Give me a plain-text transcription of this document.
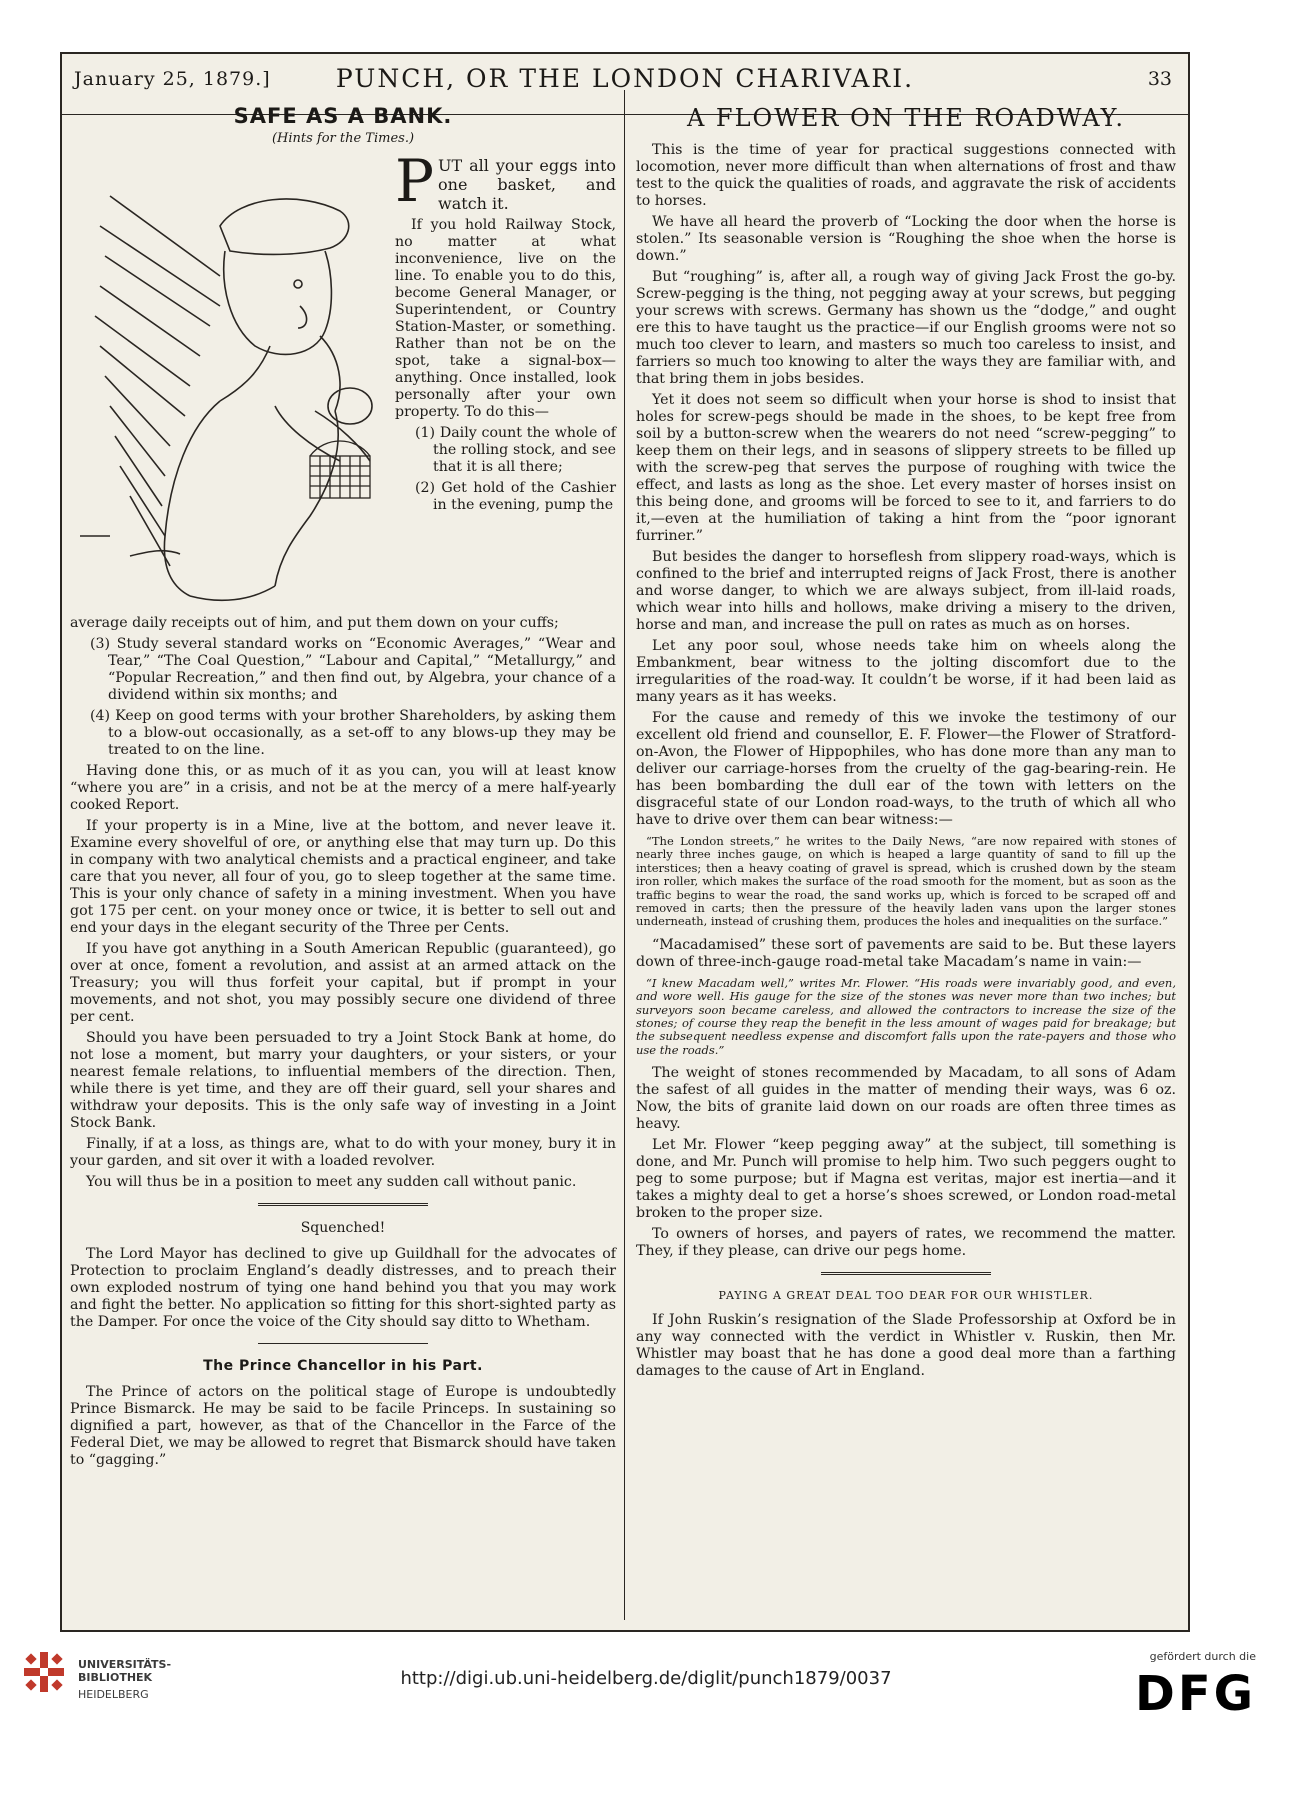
January 25, 1879.]	PUNCH, OR THE LONDON CHARIVARI.	33
SAFE AS A BANK.
(Hints for the Times.)

P UT all your eggs into one basket, and watch it.

If you hold Railway Stock, no matter at what inconvenience, live on the line. To enable you to do this, become General Manager, or Superintendent, or Country Station-Master, or something. Rather than not be on the spot, take a signal-box—anything. Once installed, look personally after your own property. To do this—

(1) Daily count the whole of the rolling stock, and see that it is all there;

(2) Get hold of the Cashier in the evening, pump the

average daily receipts out of him, and put them down on your cuffs;

(3) Study several standard works on “Economic Averages,” “Wear and Tear,” “The Coal Question,” “Labour and Capital,” “Metallurgy,” and “Popular Recreation,” and then find out, by Algebra, your chance of a dividend within six months; and

(4) Keep on good terms with your brother Shareholders, by asking them to a blow-out occasionally, as a set-off to any blows-up they may be treated to on the line.

Having done this, or as much of it as you can, you will at least know “where you are” in a crisis, and not be at the mercy of a mere half-yearly cooked Report.

If your property is in a Mine, live at the bottom, and never leave it. Examine every shovelful of ore, or anything else that may turn up. Do this in company with two analytical chemists and a practical engineer, and take care that you never, all four of you, go to sleep together at the same time. This is your only chance of safety in a mining investment. When you have got 175 per cent. on your money once or twice, it is better to sell out and end your days in the elegant security of the Three per Cents.

If you have got anything in a South American Republic (guaranteed), go over at once, foment a revolution, and assist at an armed attack on the Treasury; you will thus forfeit your capital, but if prompt in your movements, and not shot, you may possibly secure one dividend of three per cent.

Should you have been persuaded to try a Joint Stock Bank at home, do not lose a moment, but marry your daughters, or your sisters, or your nearest female relations, to influential members of the direction. Then, while there is yet time, and they are off their guard, sell your shares and withdraw your deposits. This is the only safe way of investing in a Joint Stock Bank.

Finally, if at a loss, as things are, what to do with your money, bury it in your garden, and sit over it with a loaded revolver.

You will thus be in a position to meet any sudden call without panic.

Squenched!

The Lord Mayor has declined to give up Guildhall for the advocates of Protection to proclaim England’s deadly distresses, and to preach their own exploded nostrum of tying one hand behind you that you may work and fight the better. No application so fitting for this short-sighted party as the Damper. For once the voice of the City should say ditto to Whetham.

The Prince Chancellor in his Part.

The Prince of actors on the political stage of Europe is undoubtedly Prince Bismarck. He may be said to be facile Princeps. In sustaining so dignified a part, however, as that of the Chancellor in the Farce of the Federal Diet, we may be allowed to regret that Bismarck should have taken to “gagging.”

A FLOWER ON THE ROADWAY.

This is the time of year for practical suggestions connected with locomotion, never more difficult than when alternations of frost and thaw test to the quick the qualities of roads, and aggravate the risk of accidents to horses.

We have all heard the proverb of “Locking the door when the horse is stolen.” Its seasonable version is “Roughing the shoe when the horse is down.”

But “roughing” is, after all, a rough way of giving Jack Frost the go-by. Screw-pegging is the thing, not pegging away at your screws, but pegging your screws with screws. Germany has shown us the “dodge,” and ought ere this to have taught us the practice—if our English grooms were not so much too clever to learn, and masters so much too careless to insist, and farriers so much too knowing to alter the ways they are familiar with, and that bring them in jobs besides.

Yet it does not seem so difficult when your horse is shod to insist that holes for screw-pegs should be made in the shoes, to be kept free from soil by a button-screw when the wearers do not need “screw-pegging” to keep them on their legs, and in seasons of slippery streets to be filled up with the screw-peg that serves the purpose of roughing with twice the effect, and lasts as long as the shoe. Let every master of horses insist on this being done, and grooms will be forced to see to it, and farriers to do it,—even at the humiliation of taking a hint from the “poor ignorant furriner.”

But besides the danger to horseflesh from slippery road-ways, which is confined to the brief and interrupted reigns of Jack Frost, there is another and worse danger, to which we are always subject, from ill-laid roads, which wear into hills and hollows, make driving a misery to the driven, horse and man, and increase the pull on rates as much as on horses.

Let any poor soul, whose needs take him on wheels along the Embankment, bear witness to the jolting discomfort due to the irregularities of the road-way. It couldn’t be worse, if it had been laid as many years as it has weeks.

For the cause and remedy of this we invoke the testimony of our excellent old friend and counsellor, E. F. Flower—the Flower of Stratford-on-Avon, the Flower of Hippophiles, who has done more than any man to deliver our carriage-horses from the cruelty of the gag-bearing-rein. He has been bombarding the dull ear of the town with letters on the disgraceful state of our London road-ways, to the truth of which all who have to drive over them can bear witness:—

“The London streets,” he writes to the Daily News, “are now repaired with stones of nearly three inches gauge, on which is heaped a large quantity of sand to fill up the interstices; then a heavy coating of gravel is spread, which is crushed down by the steam iron roller, which makes the surface of the road smooth for the moment, but as soon as the traffic begins to wear the road, the sand works up, which is forced to be scraped off and removed in carts; then the pressure of the heavily laden vans upon the larger stones underneath, instead of crushing them, produces the holes and inequalities on the surface.”

“Macadamised” these sort of pavements are said to be. But these layers down of three-inch-gauge road-metal take Macadam’s name in vain:—

“I knew Macadam well,” writes Mr. Flower. “His roads were invariably good, and even, and wore well. His gauge for the size of the stones was never more than two inches; but surveyors soon became careless, and allowed the contractors to increase the size of the stones; of course they reap the benefit in the less amount of wages paid for breakage; but the subsequent needless expense and discomfort falls upon the rate-payers and those who use the roads.”

The weight of stones recommended by Macadam, to all sons of Adam the safest of all guides in the matter of mending their ways, was 6 oz. Now, the bits of granite laid down on our roads are often three times as heavy.

Let Mr. Flower “keep pegging away” at the subject, till something is done, and Mr. Punch will promise to help him. Two such peggers ought to peg to some purpose; but if Magna est veritas, major est inertia—and it takes a mighty deal to get a horse’s shoes screwed, or London road-metal broken to the proper size.

To owners of horses, and payers of rates, we recommend the matter. They, if they please, can drive our pegs home.

PAYING A GREAT DEAL TOO DEAR FOR OUR WHISTLER.

If John Ruskin’s resignation of the Slade Professorship at Oxford be in any way connected with the verdict in Whistler v. Ruskin, then Mr. Whistler may boast that he has done a good deal more than a farthing damages to the cause of Art in England.

UNIVERSITÄTS-
BIBLIOTHEK
HEIDELBERG
http://digi.ub.uni-heidelberg.de/diglit/punch1879/0037
gefördert durch die
DFG
